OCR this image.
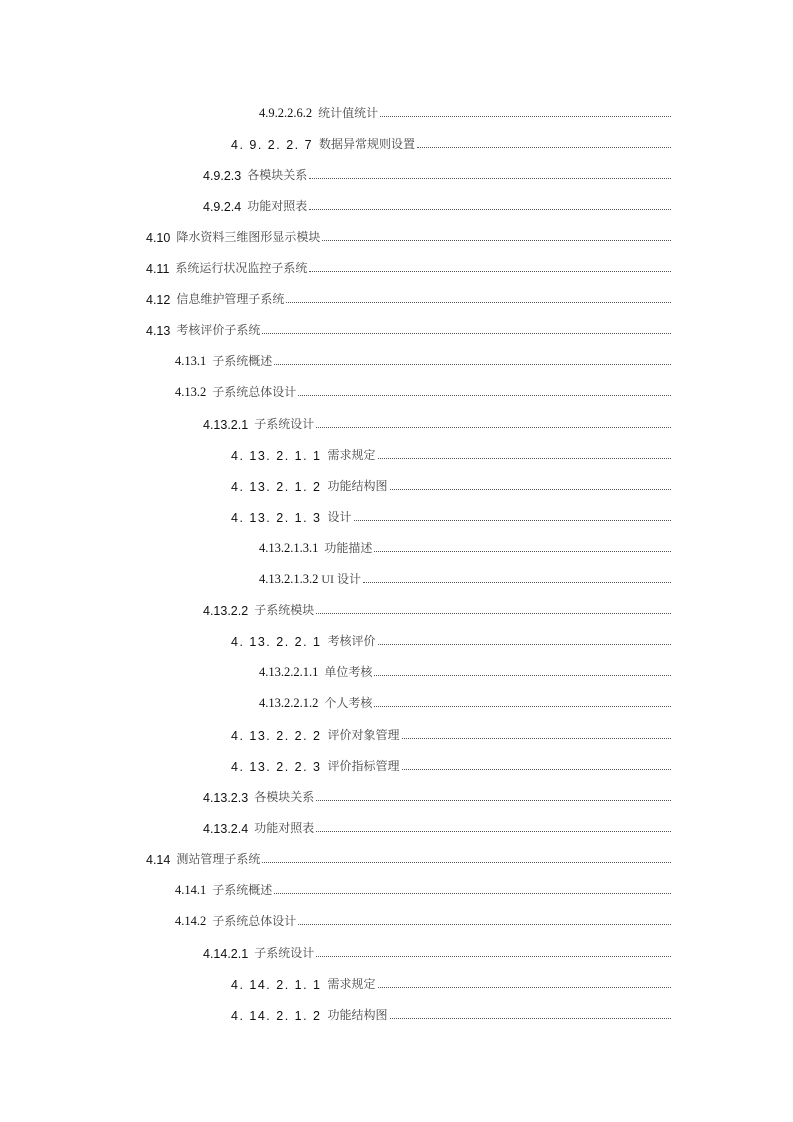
4.9.2.2.6.2 统计值统计
4. 9. 2. 2. 7 数据异常规则设置
4.9.2.3 各模块关系
4.9.2.4 功能对照表
4.10 降水资料三维图形显示模块
4.11 系统运行状况监控子系统
4.12 信息维护管理子系统
4.13 考核评价子系统
4.13.1 子系统概述
4.13.2 子系统总体设计
4.13.2.1 子系统设计
4. 13. 2. 1. 1 需求规定
4. 13. 2. 1. 2 功能结构图
4. 13. 2. 1. 3 设计
4.13.2.1.3.1 功能描述
4.13.2.1.3.2 UI 设计
4.13.2.2 子系统模块
4. 13. 2. 2. 1 考核评价
4.13.2.2.1.1 单位考核
4.13.2.2.1.2 个人考核
4. 13. 2. 2. 2 评价对象管理
4. 13. 2. 2. 3 评价指标管理
4.13.2.3 各模块关系
4.13.2.4 功能对照表
4.14 测站管理子系统
4.14.1 子系统概述
4.14.2 子系统总体设计
4.14.2.1 子系统设计
4. 14. 2. 1. 1 需求规定
4. 14. 2. 1. 2 功能结构图
